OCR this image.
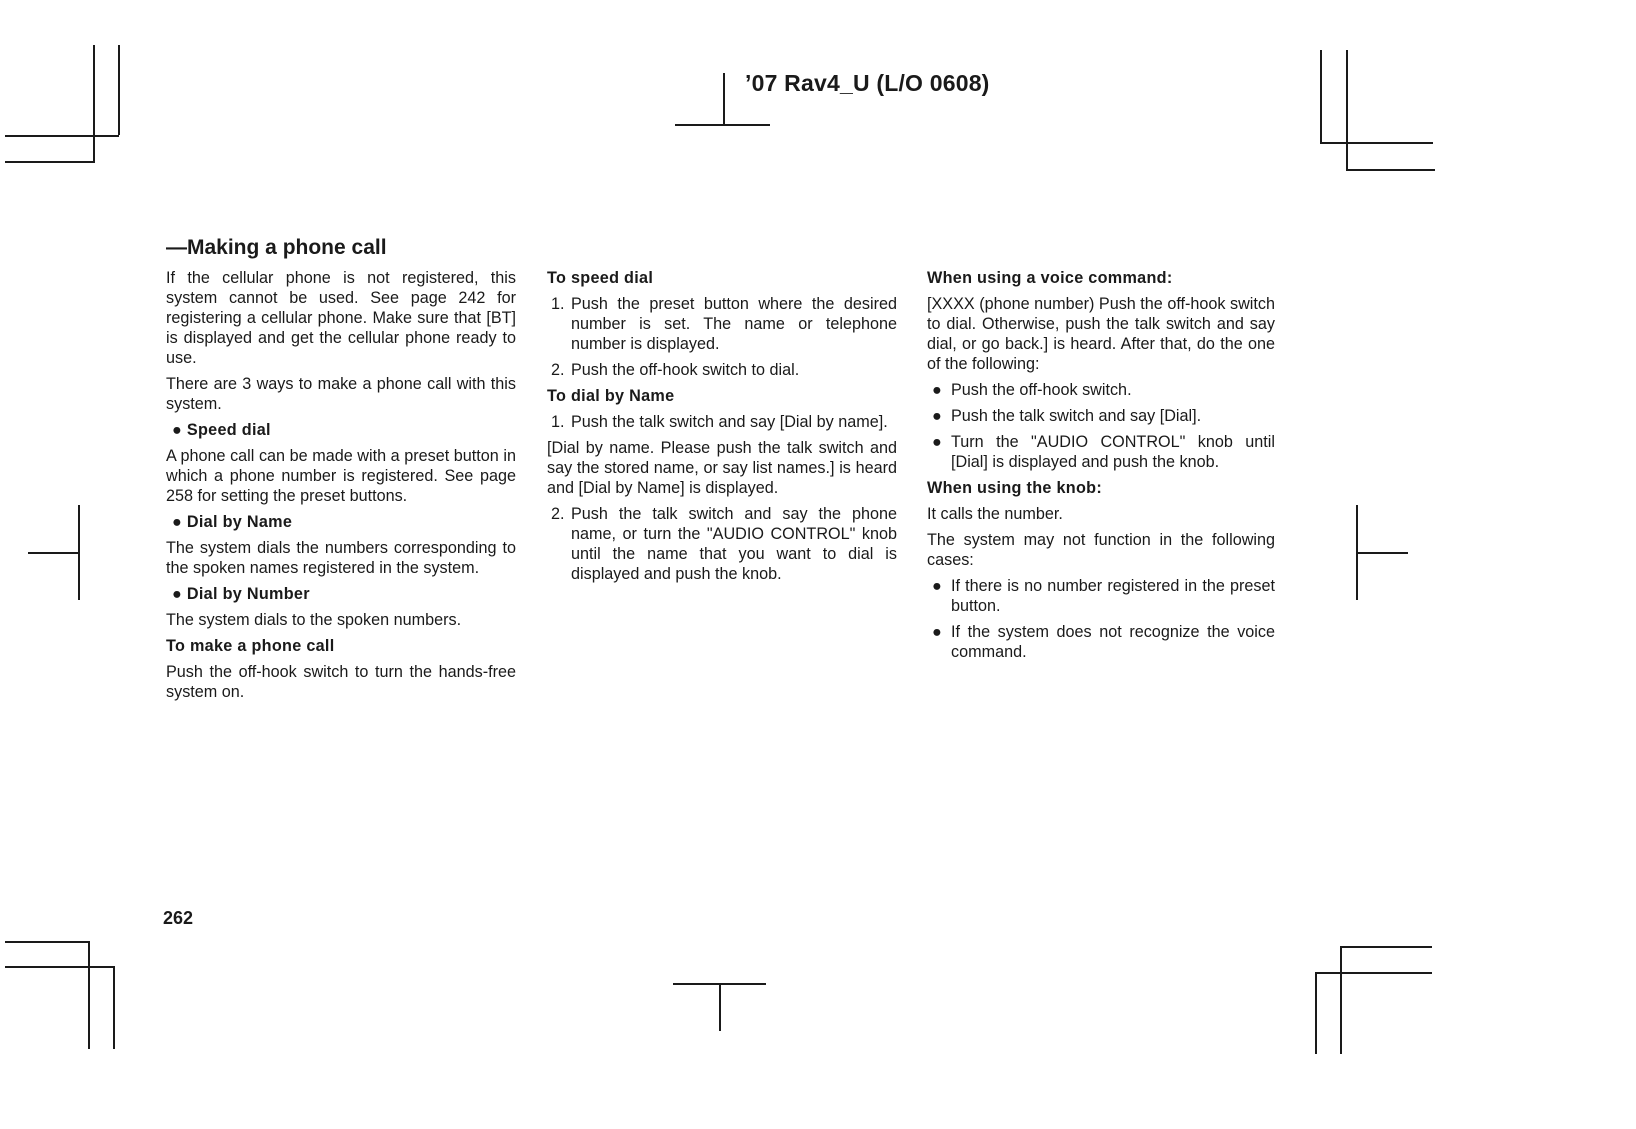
’07 Rav4_U (L/O 0608)
—Making a phone call

If the cellular phone is not registered, this system cannot be used. See page 242 for registering a cellular phone. Make sure that [BT] is displayed and get the cellular phone ready to use.

There are 3 ways to make a phone call with this system.

● Speed dial

A phone call can be made with a preset button in which a phone number is registered. See page 258 for setting the preset buttons.

● Dial by Name

The system dials the numbers corresponding to the spoken names registered in the system.

● Dial by Number

The system dials to the spoken numbers.

To make a phone call

Push the off-hook switch to turn the hands-free system on.

To speed dial

1. Push the preset button where the desired number is set. The name or telephone number is displayed.
2. Push the off-hook switch to dial.

To dial by Name

1. Push the talk switch and say [Dial by name].

[Dial by name. Please push the talk switch and say the stored name, or say list names.] is heard and [Dial by Name] is displayed.

2. Push the talk switch and say the phone name, or turn the "AUDIO CONTROL" knob until the name that you want to dial is displayed and push the knob.

When using a voice command:

[XXXX (phone number) Push the off-hook switch to dial. Otherwise, push the talk switch and say dial, or go back.] is heard. After that, do the one of the following:

● Push the off-hook switch.
● Push the talk switch and say [Dial].
● Turn the "AUDIO CONTROL" knob until [Dial] is displayed and push the knob.

When using the knob:

It calls the number.

The system may not function in the following cases:

● If there is no number registered in the preset button.
● If the system does not recognize the voice command.
262
